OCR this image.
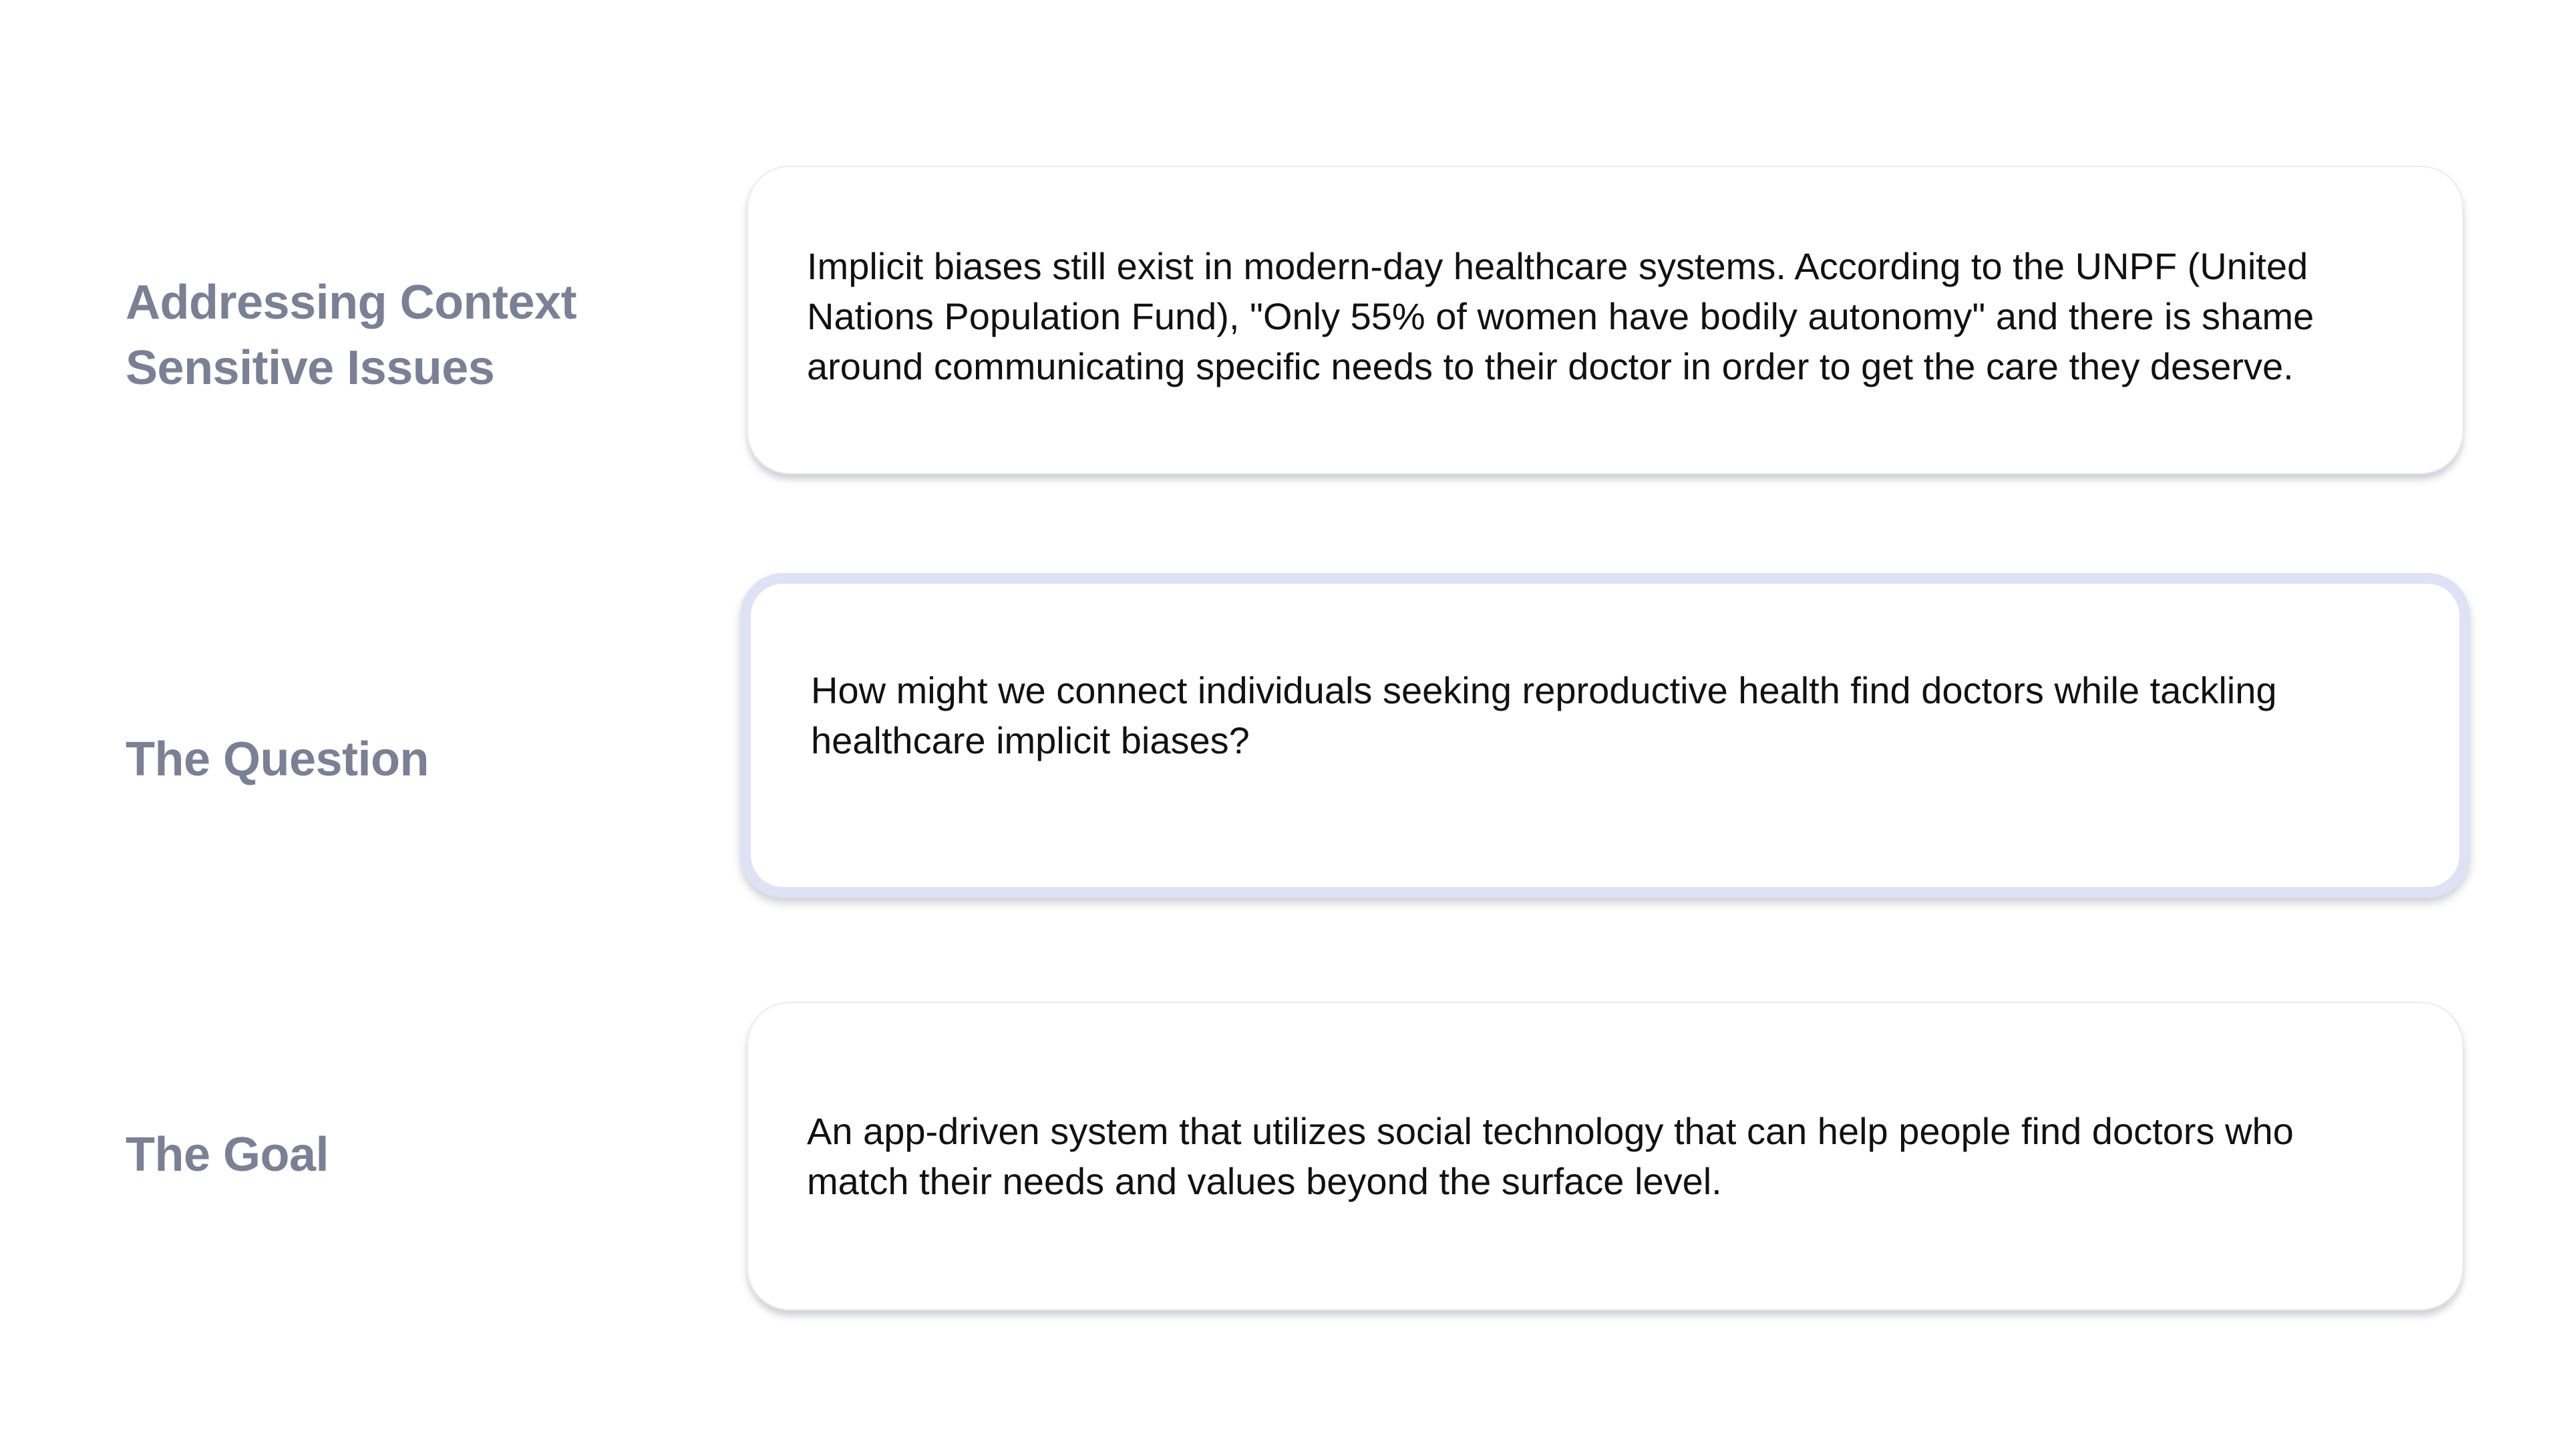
Addressing Context Sensitive Issues

Implicit biases still exist in modern-day healthcare systems. According to the UNPF (United Nations Population Fund), "Only 55% of women have bodily autonomy" and there is shame around communicating specific needs to their doctor in order to get the care they deserve.

The Question

How might we connect individuals seeking reproductive health find doctors while tackling healthcare implicit biases?

The Goal	An app-driven system that utilizes social technology that can help people find doctors who match their needs and values beyond the surface level.
